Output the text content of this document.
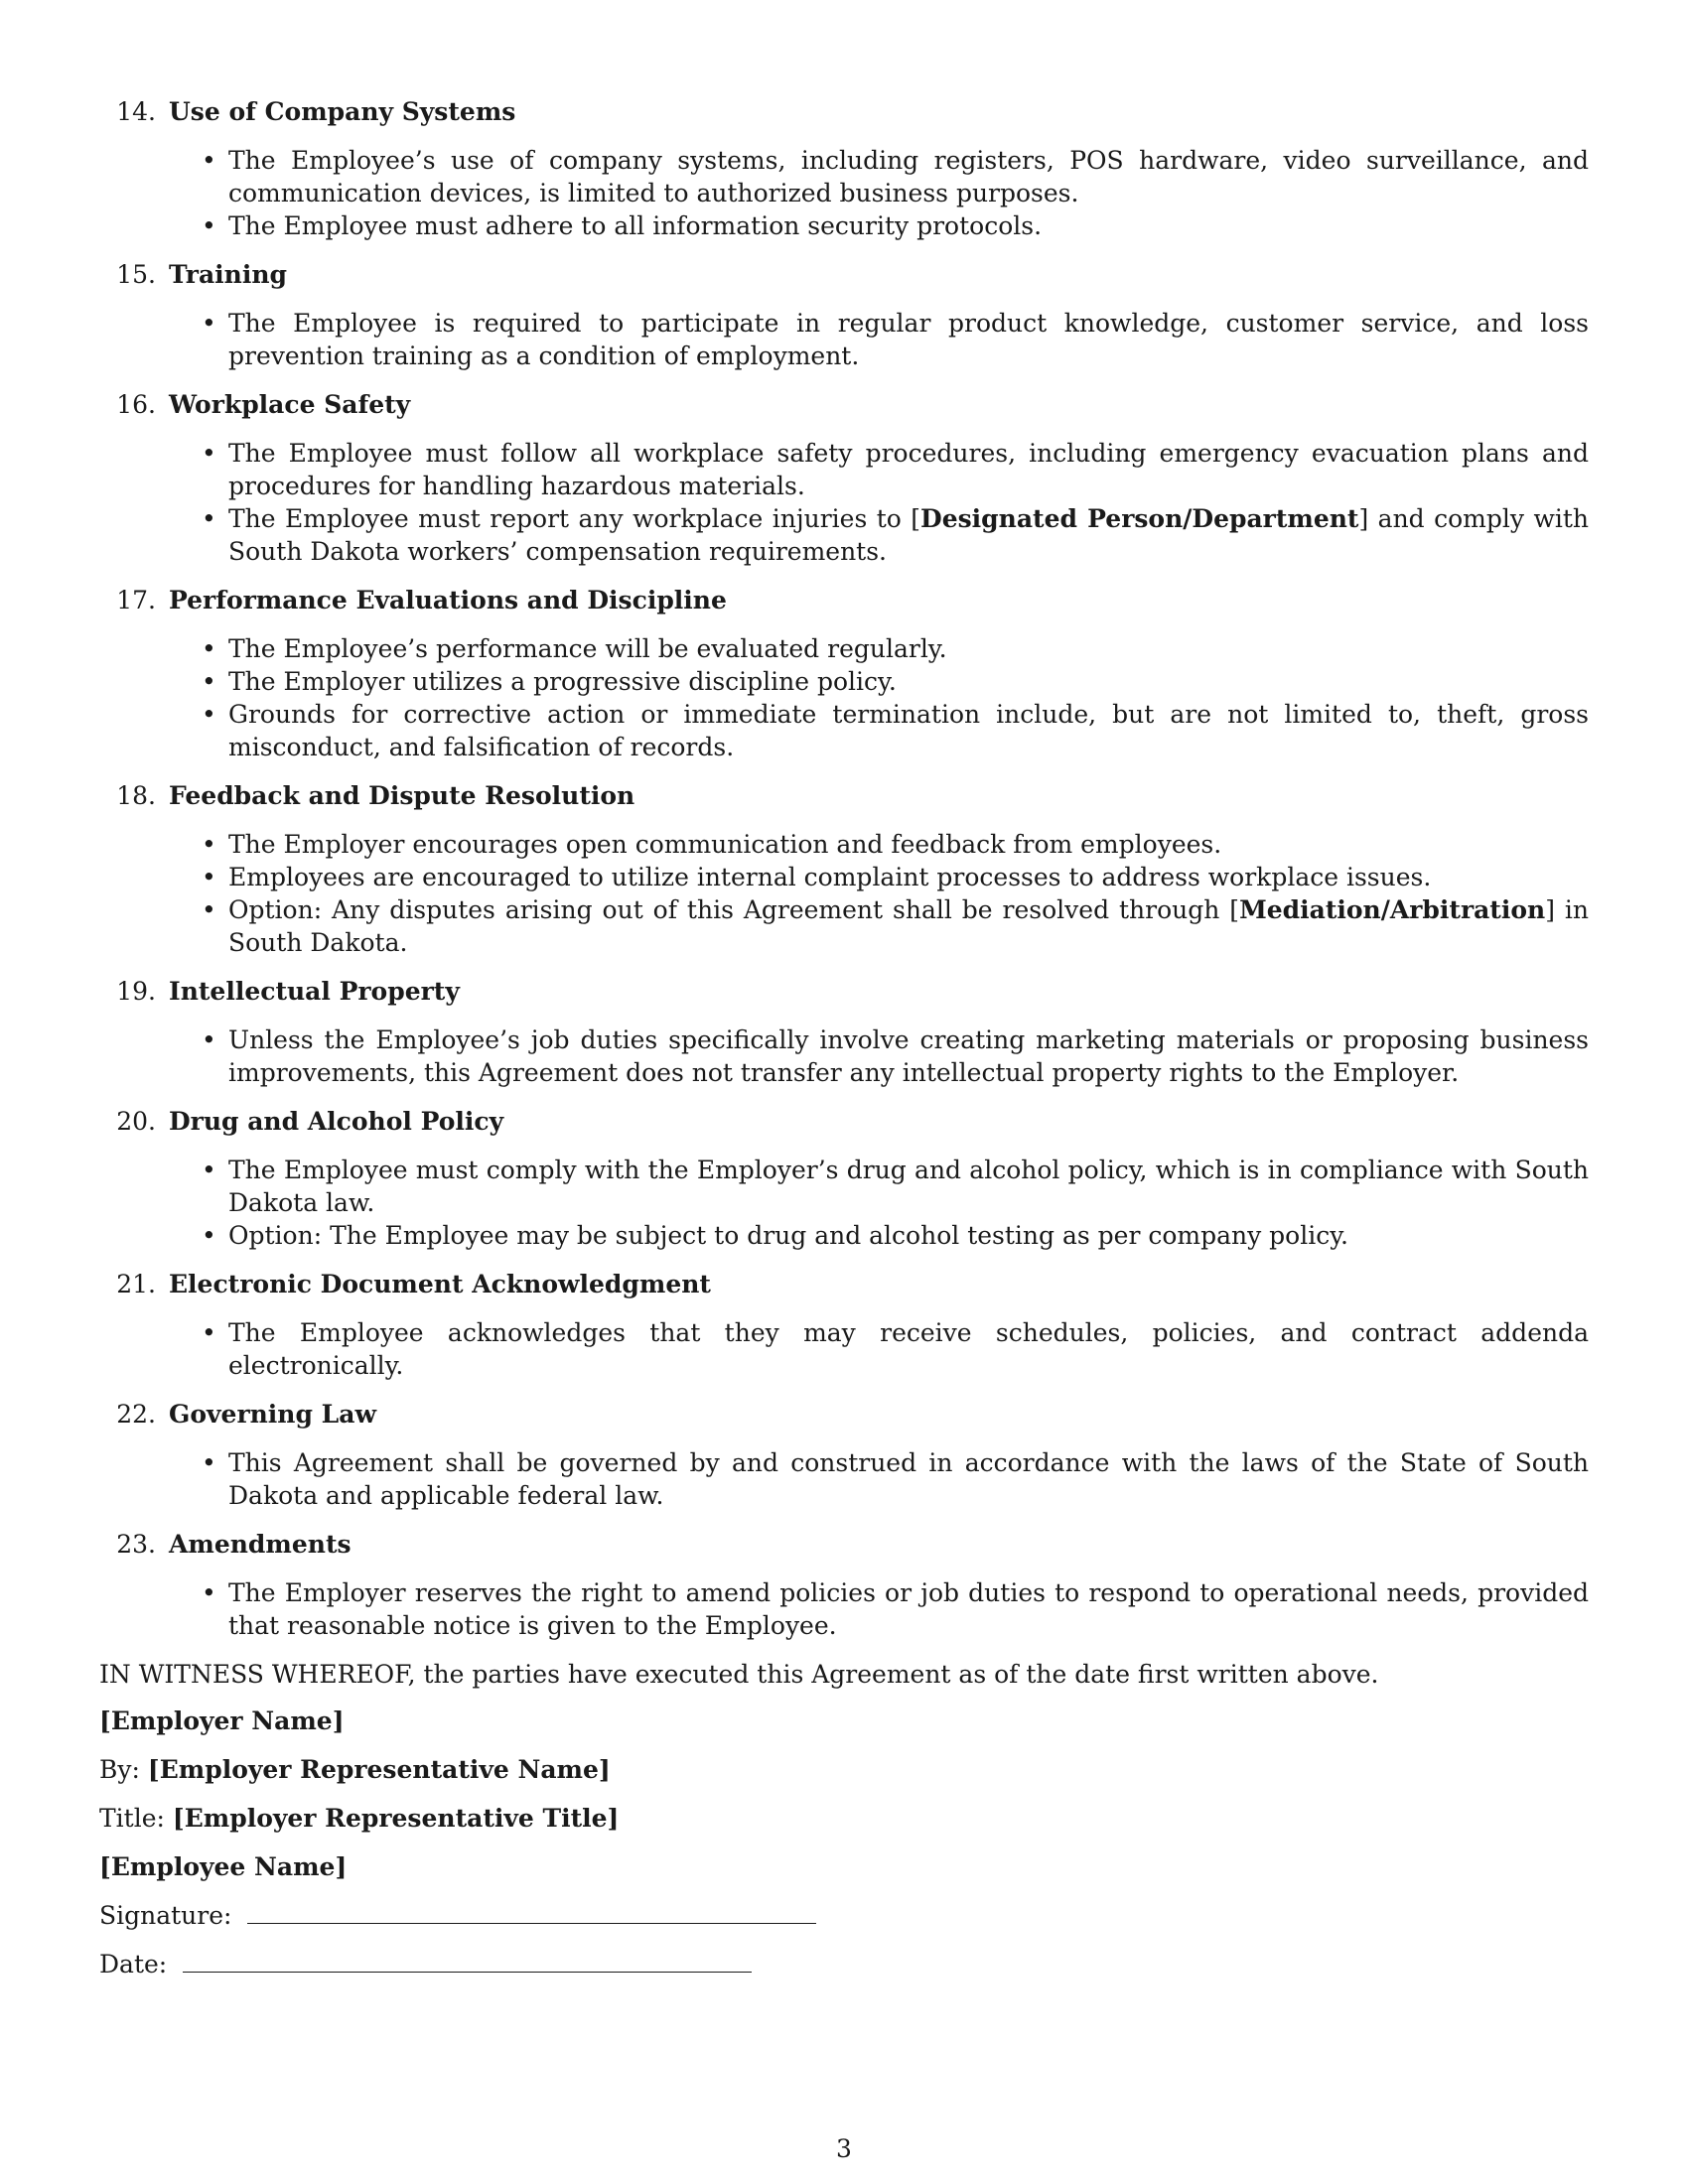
14. Use of Company Systems
• The Employee’s use of company systems, including registers, POS hardware, video surveillance, and communication devices, is limited to authorized business purposes.
• The Employee must adhere to all information security protocols.
15. Training
• The Employee is required to participate in regular product knowledge, customer service, and loss prevention training as a condition of employment.
16. Workplace Safety
• The Employee must follow all workplace safety procedures, including emergency evacuation plans and procedures for handling hazardous materials.
• The Employee must report any workplace injuries to [Designated Person/Department] and comply with South Dakota workers’ compensation requirements.
17. Performance Evaluations and Discipline
• The Employee’s performance will be evaluated regularly.
• The Employer utilizes a progressive discipline policy.
• Grounds for corrective action or immediate termination include, but are not limited to, theft, gross misconduct, and falsification of records.
18. Feedback and Dispute Resolution
• The Employer encourages open communication and feedback from employees.
• Employees are encouraged to utilize internal complaint processes to address workplace issues.
• Option: Any disputes arising out of this Agreement shall be resolved through [Mediation/Arbitration] in South Dakota.
19. Intellectual Property
• Unless the Employee’s job duties specifically involve creating marketing materials or proposing business improvements, this Agreement does not transfer any intellectual property rights to the Employer.
20. Drug and Alcohol Policy
• The Employee must comply with the Employer’s drug and alcohol policy, which is in compliance with South Dakota law.
• Option: The Employee may be subject to drug and alcohol testing as per company policy.
21. Electronic Document Acknowledgment
• The Employee acknowledges that they may receive schedules, policies, and contract addenda electronically.
22. Governing Law
• This Agreement shall be governed by and construed in accordance with the laws of the State of South Dakota and applicable federal law.
23. Amendments
• The Employer reserves the right to amend policies or job duties to respond to operational needs, provided that reasonable notice is given to the Employee.
IN WITNESS WHEREOF, the parties have executed this Agreement as of the date first written above.
[Employer Name]
By: [Employer Representative Name]
Title: [Employer Representative Title]
[Employee Name]
Signature:
Date:
3
